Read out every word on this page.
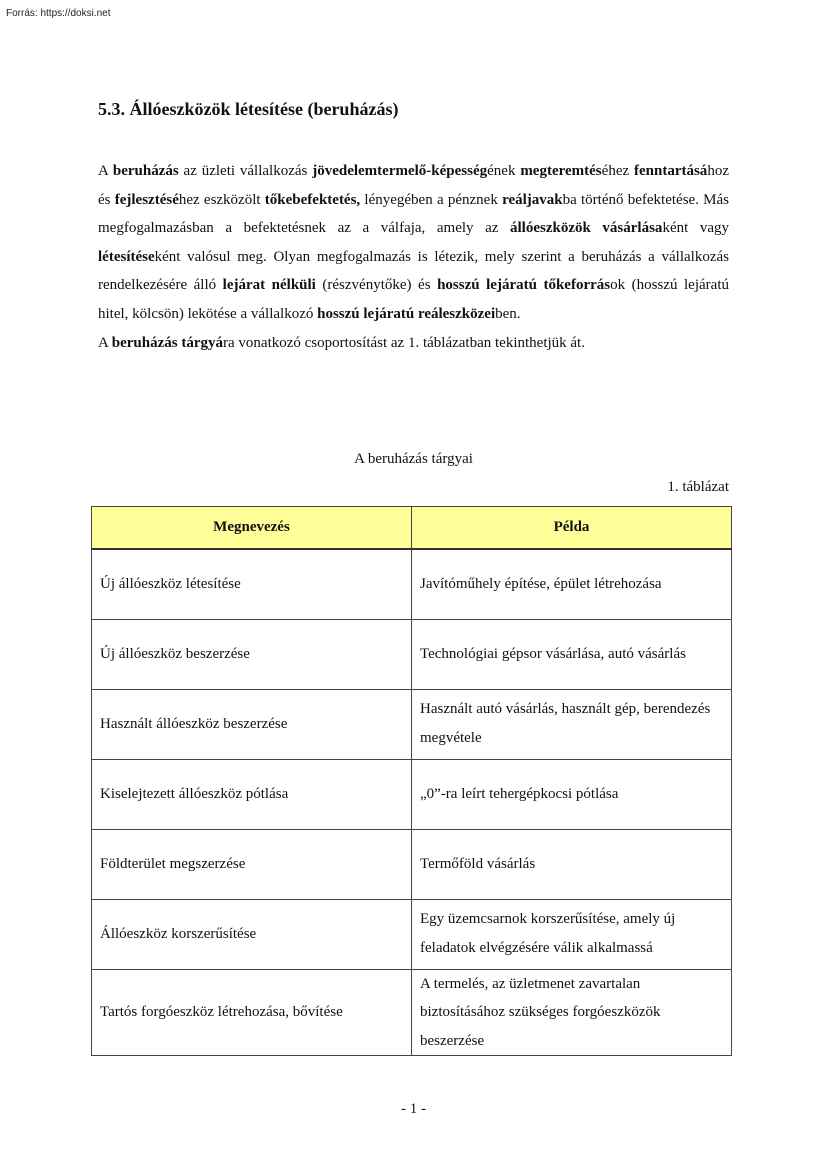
Forrás: https://doksi.net
5.3. Állóeszközök létesítése (beruházás)

A beruházás az üzleti vállalkozás jövedelemtermelő-képességének megteremtéséhez fenntartásához és fejlesztéséhez eszközölt tőkebefektetés, lényegében a pénznek reáljavakba történő befektetése. Más megfogalmazásban a befektetésnek az a válfaja, amely az állóeszközök vásárlásaként vagy létesítéseként valósul meg. Olyan megfogalmazás is létezik, mely szerint a beruházás a vállalkozás rendelkezésére álló lejárat nélküli (részvénytőke) és hosszú lejáratú tőkeforrások (hosszú lejáratú hitel, kölcsön) lekötése a vállalkozó hosszú lejáratú reáleszközeiben.

A beruházás tárgyára vonatkozó csoportosítást az 1. táblázatban tekinthetjük át.

A beruházás tárgyai
1. táblázat
Megnevezés	Példa
Új állóeszköz létesítése	Javítóműhely építése, épület létrehozása
Új állóeszköz beszerzése	Technológiai gépsor vásárlása, autó vásárlás
Használt állóeszköz beszerzése	Használt autó vásárlás, használt gép, berendezés megvétele
Kiselejtezett állóeszköz pótlása	„0”-ra leírt tehergépkocsi pótlása
Földterület megszerzése	Termőföld vásárlás
Állóeszköz korszerűsítése	Egy üzemcsarnok korszerűsítése, amely új feladatok elvégzésére válik alkalmassá
Tartós forgóeszköz létrehozása, bővítése	A termelés, az üzletmenet zavartalan biztosításához szükséges forgóeszközök beszerzése
- 1 -
